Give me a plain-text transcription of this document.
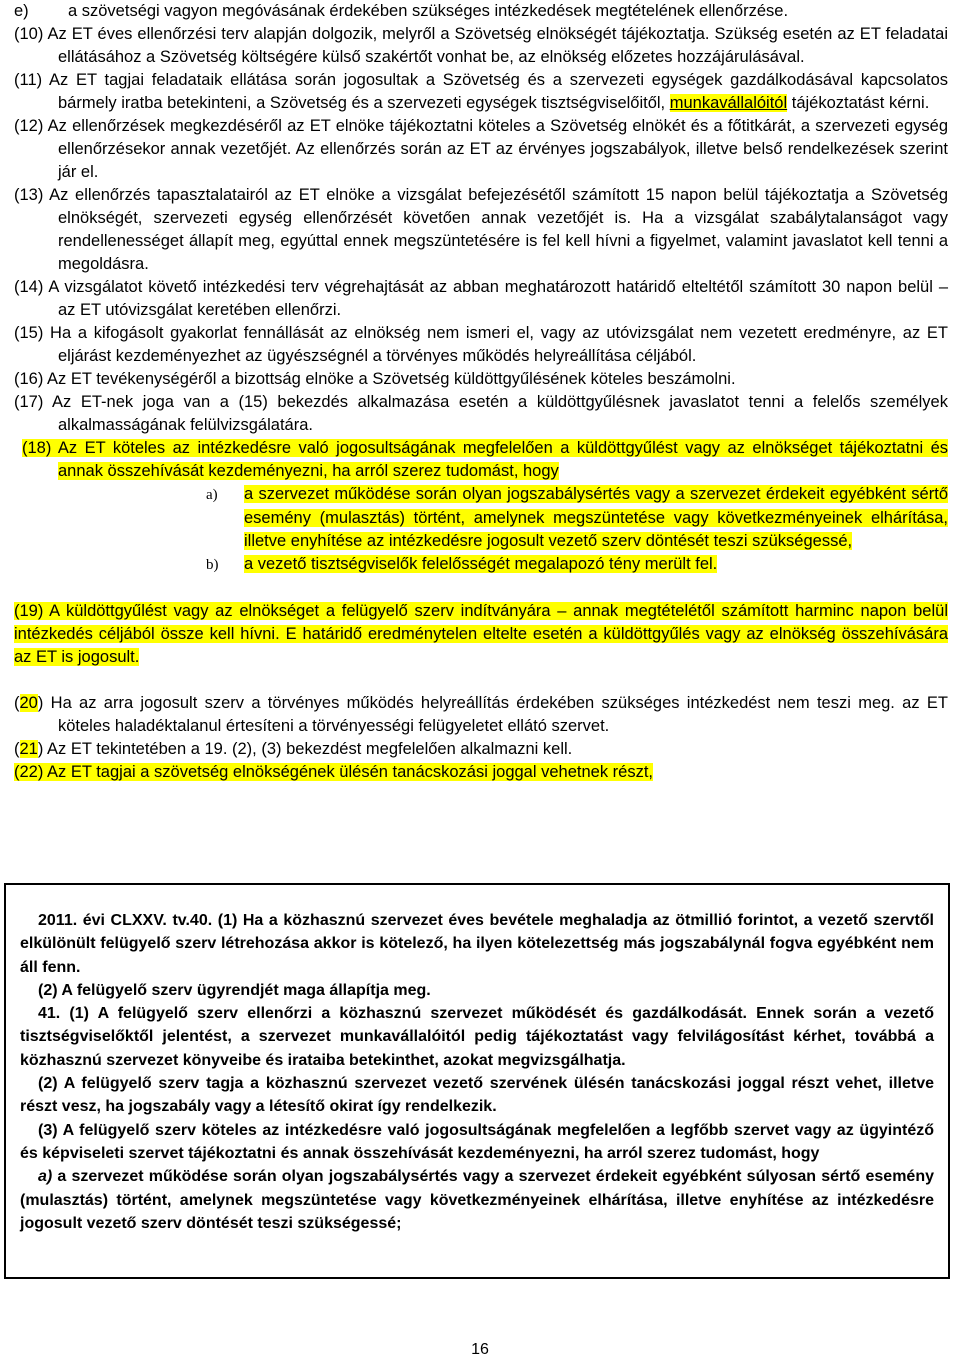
e) a szövetségi vagyon megóvásának érdekében szükséges intézkedések megtételének ellenőrzése.

(10) Az ET éves ellenőrzési terv alapján dolgozik, melyről a Szövetség elnökségét tájékoztatja. Szükség esetén az ET feladatai ellátásához a Szövetség költségére külső szakértőt vonhat be, az elnökség előzetes hozzájárulásával.

(11) Az ET tagjai feladataik ellátása során jogosultak a Szövetség és a szervezeti egységek gazdálkodásával kapcsolatos bármely iratba betekinteni, a Szövetség és a szervezeti egységek tisztségviselőitől, munkavállalóitól tájékoztatást kérni.

(12) Az ellenőrzések megkezdéséről az ET elnöke tájékoztatni köteles a Szövetség elnökét és a főtitkárát, a szervezeti egység ellenőrzésekor annak vezetőjét. Az ellenőrzés során az ET az érvényes jogszabályok, illetve belső rendelkezések szerint jár el.

(13) Az ellenőrzés tapasztalatairól az ET elnöke a vizsgálat befejezésétől számított 15 napon belül tájékoztatja a Szövetség elnökségét, szervezeti egység ellenőrzését követően annak vezetőjét is. Ha a vizsgálat szabálytalanságot vagy rendellenességet állapít meg, egyúttal ennek megszüntetésére is fel kell hívni a figyelmet, valamint javaslatot kell tenni a megoldásra.

(14) A vizsgálatot követő intézkedési terv végrehajtását az abban meghatározott határidő elteltétől számított 30 napon belül – az ET utóvizsgálat keretében ellenőrzi.

(15) Ha a kifogásolt gyakorlat fennállását az elnökség nem ismeri el, vagy az utóvizsgálat nem vezetett eredményre, az ET eljárást kezdeményezhet az ügyészségnél a törvényes működés helyreállítása céljából.

(16) Az ET tevékenységéről a bizottság elnöke a Szövetség küldöttgyűlésének köteles beszámolni.

(17) Az ET-nek joga van a (15) bekezdés alkalmazása esetén a küldöttgyűlésnek javaslatot tenni a felelős személyek alkalmasságának felülvizsgálatára.

(18) Az ET köteles az intézkedésre való jogosultságának megfelelően a küldöttgyűlést vagy az elnökséget tájékoztatni és annak összehívását kezdeményezni, ha arról szerez tudomást, hogy

a) a szervezet működése során olyan jogszabálysértés vagy a szervezet érdekeit egyébként sértő esemény (mulasztás) történt, amelynek megszüntetése vagy következményeinek elhárítása, illetve enyhítése az intézkedésre jogosult vezető szerv döntését teszi szükségessé,

b) a vezető tisztségviselők felelősségét megalapozó tény merült fel.

(19) A küldöttgyűlést vagy az elnökséget a felügyelő szerv indítványára – annak megtételétől számított harminc napon belül intézkedés céljából össze kell hívni. E határidő eredménytelen eltelte esetén a küldöttgyűlés vagy az elnökség összehívására az ET is jogosult.

(20) Ha az arra jogosult szerv a törvényes működés helyreállítás érdekében szükséges intézkedést nem teszi meg. az ET köteles haladéktalanul értesíteni a törvényességi felügyeletet ellátó szervet.

(21) Az ET tekintetében a 19. (2), (3) bekezdést megfelelően alkalmazni kell.

(22) Az ET tagjai a szövetség elnökségének ülésén tanácskozási joggal vehetnek részt,

2011. évi CLXXV. tv.40. (1) Ha a közhasznú szervezet éves bevétele meghaladja az ötmillió forintot, a vezető szervtől elkülönült felügyelő szerv létrehozása akkor is kötelező, ha ilyen kötelezettség más jogszabálynál fogva egyébként nem áll fenn.

(2) A felügyelő szerv ügyrendjét maga állapítja meg.

41. (1) A felügyelő szerv ellenőrzi a közhasznú szervezet működését és gazdálkodását. Ennek során a vezető tisztségviselőktől jelentést, a szervezet munkavállalóitól pedig tájékoztatást vagy felvilágosítást kérhet, továbbá a közhasznú szervezet könyveibe és irataiba betekinthet, azokat megvizsgálhatja.

(2) A felügyelő szerv tagja a közhasznú szervezet vezető szervének ülésén tanácskozási joggal részt vehet, illetve részt vesz, ha jogszabály vagy a létesítő okirat így rendelkezik.

(3) A felügyelő szerv köteles az intézkedésre való jogosultságának megfelelően a legfőbb szervet vagy az ügyintéző és képviseleti szervet tájékoztatni és annak összehívását kezdeményezni, ha arról szerez tudomást, hogy

a) a szervezet működése során olyan jogszabálysértés vagy a szervezet érdekeit egyébként súlyosan sértő esemény (mulasztás) történt, amelynek megszüntetése vagy következményeinek elhárítása, illetve enyhítése az intézkedésre jogosult vezető szerv döntését teszi szükségessé;

16
